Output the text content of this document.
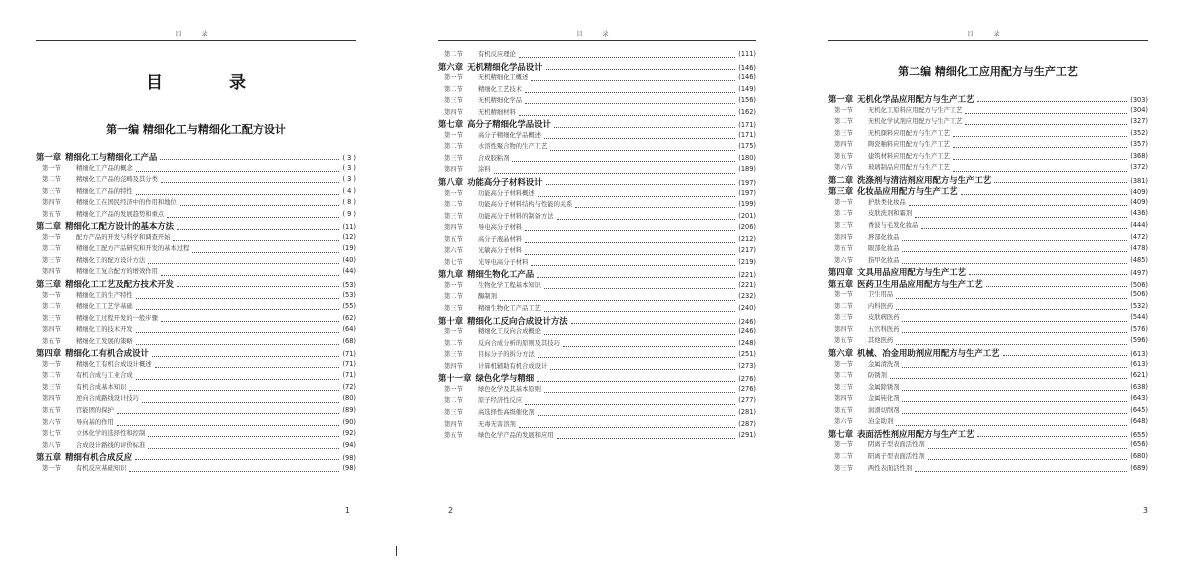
目 录
目 录
第一编 精细化工与精细化工配方设计
第一章 精细化工与精细化工产品	( 3 )
第一节	精细化工产品的概念	( 3 )
第二节	精细化工产品的范畴及其分类	( 3 )
第三节	精细化工产品的特性	( 4 )
第四节	精细化工在国民经济中的作用和地位	( 8 )
第五节	精细化工产品的发展趋势和重点	( 9 )
第二章 精细化工配方设计的基本方法	(11)
第一节	配方产品的开发与科学和调查开始	(12)
第二节	精细化工配方产品研究和开发的基本过程	(19)
第三节	精细化工的配方设计方法	(40)
第四节	精细化工复合配方的增效作用	(44)
第三章 精细化工工艺及配方技术开发	(53)
第一节	精细化工的生产特性	(53)
第二节	精细化工工艺学基础	(55)
第三节	精细化工过程开发的一般步骤	(62)
第四节	精细化工的技术开发	(64)
第五节	精细化工发展的策略	(68)
第四章 精细化工有机合成设计	(71)
第一节	精细化工有机合成设计概述	(71)
第二节	有机合成与工业合成	(71)
第三节	有机合成基本知识	(72)
第四节	逆向合成路线设计技巧	(80)
第五节	官能团的保护	(89)
第六节	导向基的作用	(90)
第七节	立体化学的选择性和控制	(92)
第八节	合成设计路线的评价标准	(94)
第五章 精细有机合成反应	(98)
第一节	有机反应基础知识	(98)
1
目 录
第二节	有机反应理论	(111)
第六章 无机精细化学品设计	(146)
第一节	无机精细化工概述	(146)
第二节	精细化工艺技术	(149)
第三节	无机精细化学品	(156)
第四节	无机精细材料	(162)
第七章 高分子精细化学品设计	(171)
第一节	高分子精细化学品概述	(171)
第二节	水溶性聚合物的生产工艺	(175)
第三节	合成胶粘剂	(180)
第四节	涂料	(189)
第八章 功能高分子材料设计	(197)
第一节	功能高分子材料概述	(197)
第二节	功能高分子材料结构与性能的关系	(199)
第三节	功能高分子材料的制备方法	(201)
第四节	导电高分子材料	(206)
第五节	高分子液晶材料	(212)
第六节	光敏高分子材料	(217)
第七节	光导电高分子材料	(219)
第九章 精细生物化工产品	(221)
第一节	生物化学工程基本知识	(221)
第二节	酶制剂	(232)
第三节	精细生物化工产品工艺	(240)
第十章 精细化工反向合成设计方法	(246)
第一节	精细化工反向合成概论	(246)
第二节	反向合成分析的原则及其技巧	(248)
第三节	目标分子的拆分方法	(251)
第四节	计算机辅助有机合成设计	(273)
第十一章 绿色化学与精细	(276)
第一节	绿色化学及其基本原则	(276)
第二节	原子经济性反应	(277)
第三节	高选择性高级催化剂	(281)
第四节	无毒无害溶剂	(287)
第五节	绿色化学产品的发展和应用	(291)
2
目 录
第二编 精细化工应用配方与生产工艺
第一章 无机化学品应用配方与生产工艺	(303)
第一节	无机化工原料应用配方与生产工艺	(304)
第二节	无机化学试剂应用配方与生产工艺	(327)
第三节	无机颜料应用配方与生产工艺	(352)
第四节	陶瓷釉料应用配方与生产工艺	(357)
第五节	建筑材料应用配方与生产工艺	(368)
第六节	玻璃制品应用配方与生产工艺	(372)
第二章 洗涤剂与清洁剂应用配方与生产工艺	(381)
第三章 化妆品应用配方与生产工艺	(409)
第一节	护肤类化妆品	(409)
第二节	皮肤洗剂和霜剂	(436)
第三节	香波与毛发化妆品	(444)
第四节	唇部化妆品	(472)
第五节	眼部化妆品	(478)
第六节	指甲化妆品	(485)
第四章 文具用品应用配方与生产工艺	(497)
第五章 医药卫生用品应用配方与生产工艺	(506)
第一节	卫生用品	(506)
第二节	内科医药	(532)
第三节	皮肤病医药	(544)
第四节	五官科医药	(576)
第五节	其他医药	(596)
第六章 机械、冶金用助剂应用配方与生产工艺	(613)
第一节	金属清洗剂	(613)
第二节	防锈剂	(621)
第三节	金属除锈剂	(638)
第四节	金属钝化剂	(643)
第五节	润滑切削剂	(645)
第六节	冶金助剂	(648)
第七章 表面活性剂应用配方与生产工艺	(655)
第一节	阴离子型表面活性剂	(656)
第二节	阳离子型表面活性剂	(680)
第三节	两性表面活性剂	(689)
3
